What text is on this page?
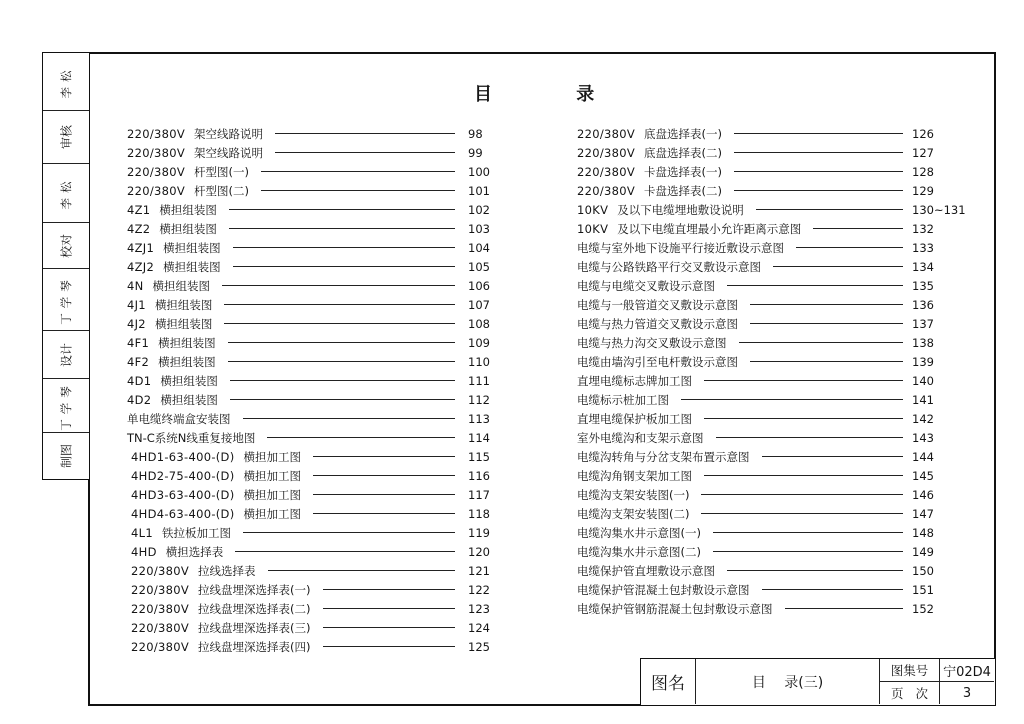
李松
审核
李松
校对
丁学琴
设计
丁学琴
制图
目 录
220/380V 架空线路说明	98
220/380V 架空线路说明	99
220/380V 杆型图(一)	100
220/380V 杆型图(二)	101
4Z1 横担组装图	102
4Z2 横担组装图	103
4ZJ1 横担组装图	104
4ZJ2 横担组装图	105
4N 横担组装图	106
4J1 横担组装图	107
4J2 横担组装图	108
4F1 横担组装图	109
4F2 横担组装图	110
4D1 横担组装图	111
4D2 横担组装图	112
单电缆终端盒安装图	113
TN-C系统N线重复接地图	114
4HD1-63-400-(D) 横担加工图	115
4HD2-75-400-(D) 横担加工图	116
4HD3-63-400-(D) 横担加工图	117
4HD4-63-400-(D) 横担加工图	118
4L1 铁拉板加工图	119
4HD 横担选择表	120
220/380V 拉线选择表	121
220/380V 拉线盘埋深选择表(一)	122
220/380V 拉线盘埋深选择表(二)	123
220/380V 拉线盘埋深选择表(三)	124
220/380V 拉线盘埋深选择表(四)	125
220/380V 底盘选择表(一)	126
220/380V 底盘选择表(二)	127
220/380V 卡盘选择表(一)	128
220/380V 卡盘选择表(二)	129
10KV 及以下电缆埋地敷设说明	130~131
10KV 及以下电缆直埋最小允许距离示意图	132
电缆与室外地下设施平行接近敷设示意图	133
电缆与公路铁路平行交叉敷设示意图	134
电缆与电缆交叉敷设示意图	135
电缆与一般管道交叉敷设示意图	136
电缆与热力管道交叉敷设示意图	137
电缆与热力沟交叉敷设示意图	138
电缆由墙沟引至电杆敷设示意图	139
直埋电缆标志牌加工图	140
电缆标示桩加工图	141
直埋电缆保护板加工图	142
室外电缆沟和支架示意图	143
电缆沟转角与分岔支架布置示意图	144
电缆沟角钢支架加工图	145
电缆沟支架安装图(一)	146
电缆沟支架安装图(二)	147
电缆沟集水井示意图(一)	148
电缆沟集水井示意图(二)	149
电缆保护管直埋敷设示意图	150
电缆保护管混凝土包封敷设示意图	151
电缆保护管钢筋混凝土包封敷设示意图	152
图名	目 录(三)
图集号	宁02D4
页 次	3
